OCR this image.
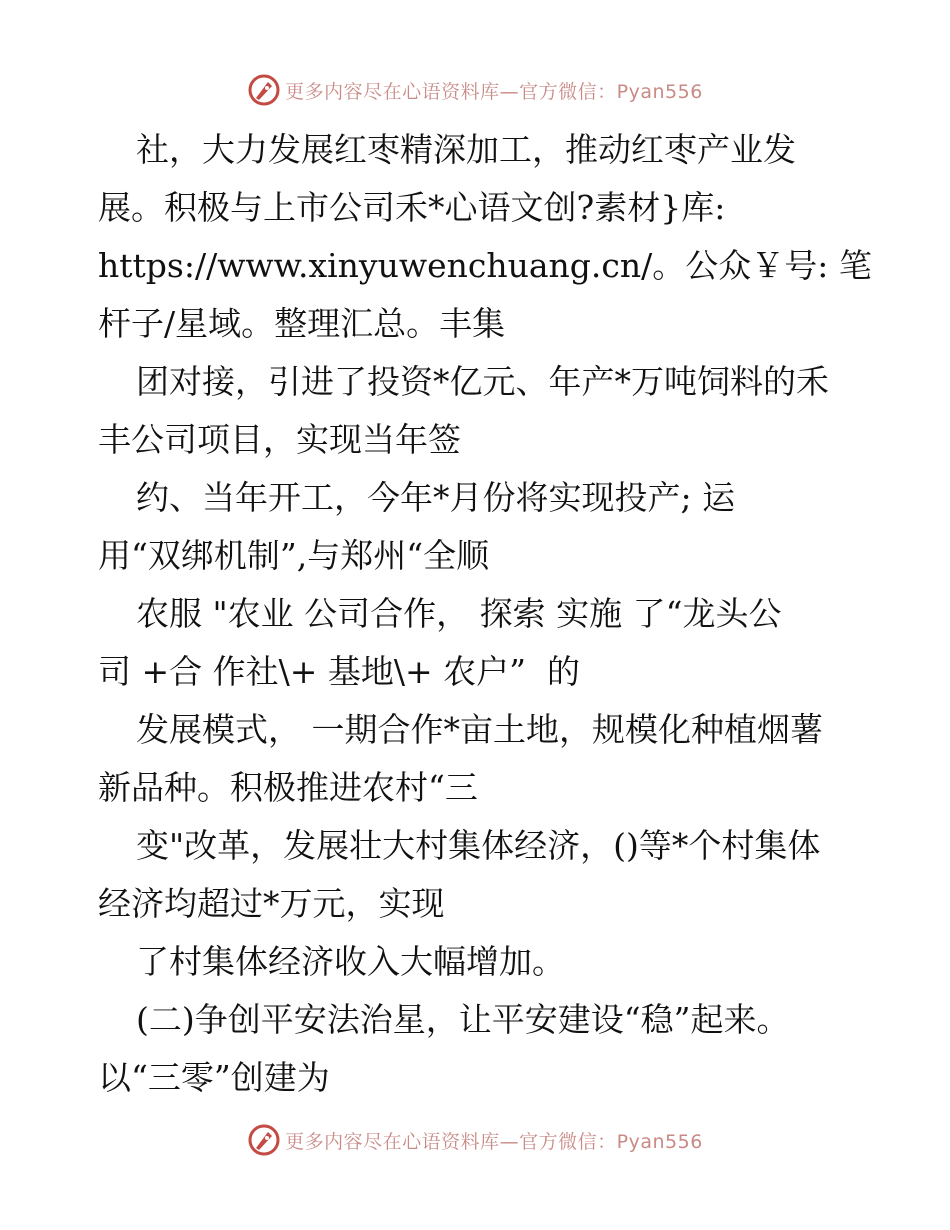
更多内容尽在心语资料库—官方微信：Pyan556
社，大力发展红枣精深加工，推动红枣产业发
展。积极与上市公司禾*心语文创?素材}库:
https://www.xinyuwenchuang.cn/。公众￥号: 笔
杆子/星域。整理汇总。丰集
团对接，引进了投资*亿元、年产*万吨饲料的禾
丰公司项目，实现当年签
约、当年开工，今年*月份将实现投产; 运
用“双绑机制”,与郑州“全顺
农服 "农业 公司合作， 探索 实施 了“龙头公
司 +合 作社\+ 基地\+ 农户”  的
发展模式， 一期合作*亩土地，规模化种植烟薯
新品种。积极推进农村“三
变"改革，发展壮大村集体经济，()等*个村集体
经济均超过*万元，实现
了村集体经济收入大幅增加。
(二)争创平安法治星，让平安建设“稳”起来。
以“三零”创建为
更多内容尽在心语资料库—官方微信：Pyan556
